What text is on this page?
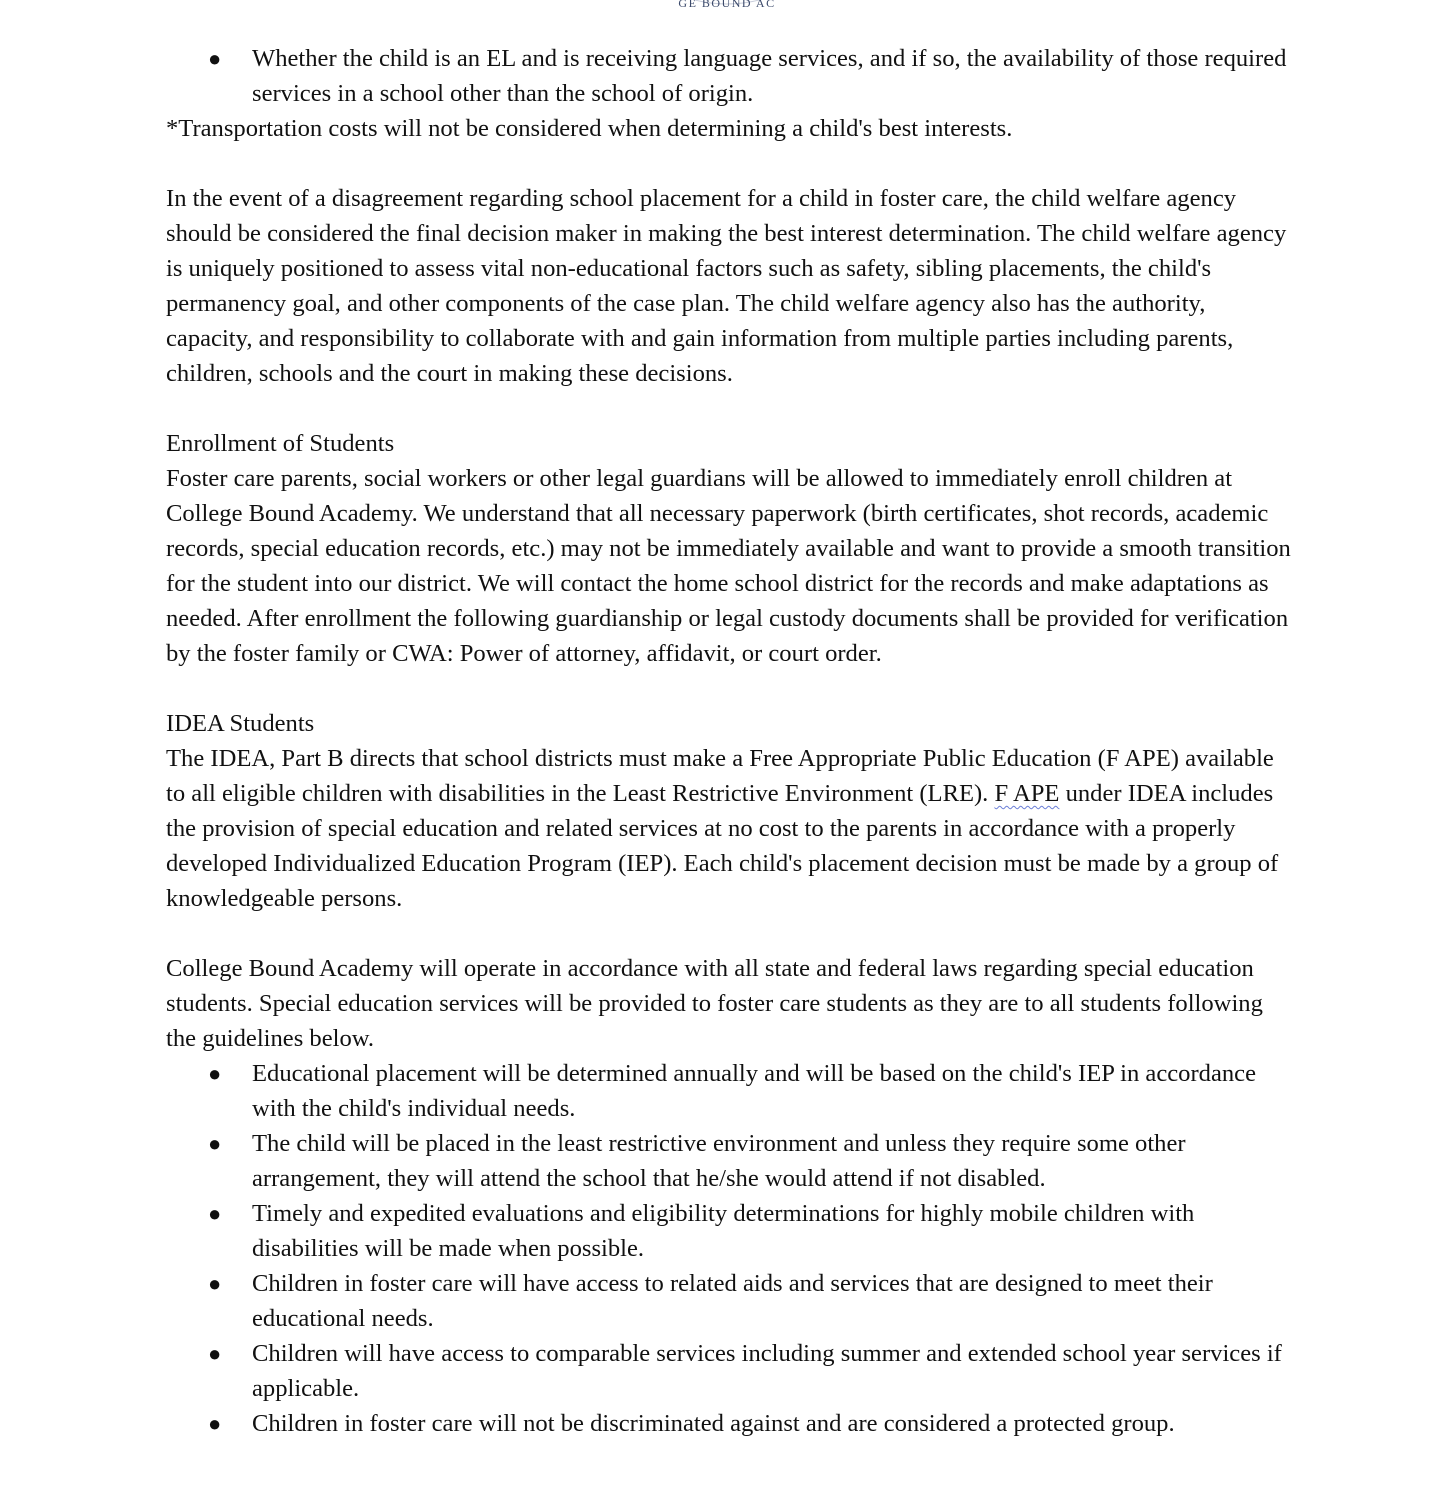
GE BOUND AC
● Whether the child is an EL and is receiving language services, and if so, the availability of those required services in a school other than the school of origin.

*Transportation costs will not be considered when determining a child's best interests.

In the event of a disagreement regarding school placement for a child in foster care, the child welfare agency should be considered the final decision maker in making the best interest determination. The child welfare agency is uniquely positioned to assess vital non-educational factors such as safety, sibling placements, the child's permanency goal, and other components of the case plan. The child welfare agency also has the authority, capacity, and responsibility to collaborate with and gain information from multiple parties including parents, children, schools and the court in making these decisions.

Enrollment of Students

Foster care parents, social workers or other legal guardians will be allowed to immediately enroll children at College Bound Academy. We understand that all necessary paperwork (birth certificates, shot records, academic records, special education records, etc.) may not be immediately available and want to provide a smooth transition for the student into our district. We will contact the home school district for the records and make adaptations as needed. After enrollment the following guardianship or legal custody documents shall be provided for verification by the foster family or CWA: Power of attorney, affidavit, or court order.

IDEA Students

The IDEA, Part B directs that school districts must make a Free Appropriate Public Education (F APE) available to all eligible children with disabilities in the Least Restrictive Environment (LRE). F APE under IDEA includes the provision of special education and related services at no cost to the parents in accordance with a properly developed Individualized Education Program (IEP). Each child's placement decision must be made by a group of knowledgeable persons.

College Bound Academy will operate in accordance with all state and federal laws regarding special education students. Special education services will be provided to foster care students as they are to all students following the guidelines below.

● Educational placement will be determined annually and will be based on the child's IEP in accordance with the child's individual needs.
● The child will be placed in the least restrictive environment and unless they require some other arrangement, they will attend the school that he/she would attend if not disabled.
● Timely and expedited evaluations and eligibility determinations for highly mobile children with disabilities will be made when possible.
● Children in foster care will have access to related aids and services that are designed to meet their educational needs.
● Children will have access to comparable services including summer and extended school year services if applicable.
● Children in foster care will not be discriminated against and are considered a protected group.
